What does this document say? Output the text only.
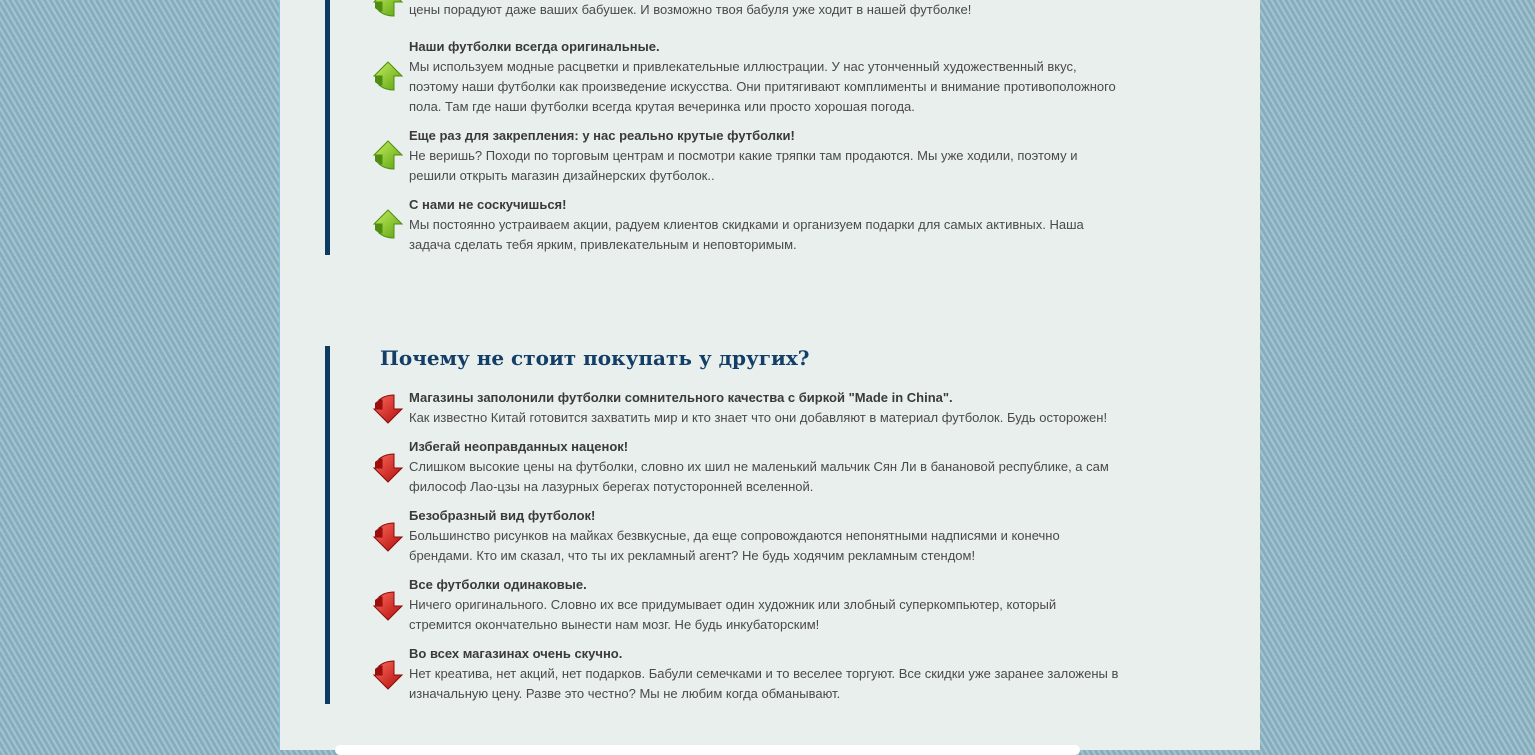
цены порадуют даже ваших бабушек. И возможно твоя бабуля уже ходит в нашей футболке!
Наши футболки всегда оригинальные.
Мы используем модные расцветки и привлекательные иллюстрации. У нас утонченный художественный вкус, поэтому наши футболки как произведение искусства. Они притягивают комплименты и внимание противоположного пола. Там где наши футболки всегда крутая вечеринка или просто хорошая погода.
Еще раз для закрепления: у нас реально крутые футболки!
Не веришь? Походи по торговым центрам и посмотри какие тряпки там продаются. Мы уже ходили, поэтому и решили открыть магазин дизайнерских футболок..
С нами не соскучишься!
Мы постоянно устраиваем акции, радуем клиентов скидками и организуем подарки для самых активных. Наша задача сделать тебя ярким, привлекательным и неповторимым.
Почему не стоит покупать у других?
Магазины заполонили футболки сомнительного качества с биркой "Made in China".
Как известно Китай готовится захватить мир и кто знает что они добавляют в материал футболок. Будь осторожен!
Избегай неоправданных наценок!
Слишком высокие цены на футболки, словно их шил не маленький мальчик Сян Ли в банановой республике, а сам философ Лао-цзы на лазурных берегах потусторонней вселенной.
Безобразный вид футболок!
Большинство рисунков на майках безвкусные, да еще сопровождаются непонятными надписями и конечно брендами. Кто им сказал, что ты их рекламный агент? Не будь ходячим рекламным стендом!
Все футболки одинаковые.
Ничего оригинального. Словно их все придумывает один художник или злобный суперкомпьютер, который стремится окончательно вынести нам мозг. Не будь инкубаторским!
Во всех магазинах очень скучно.
Нет креатива, нет акций, нет подарков. Бабули семечками и то веселее торгуют. Все скидки уже заранее заложены в изначальную цену. Разве это честно? Мы не любим когда обманывают.
